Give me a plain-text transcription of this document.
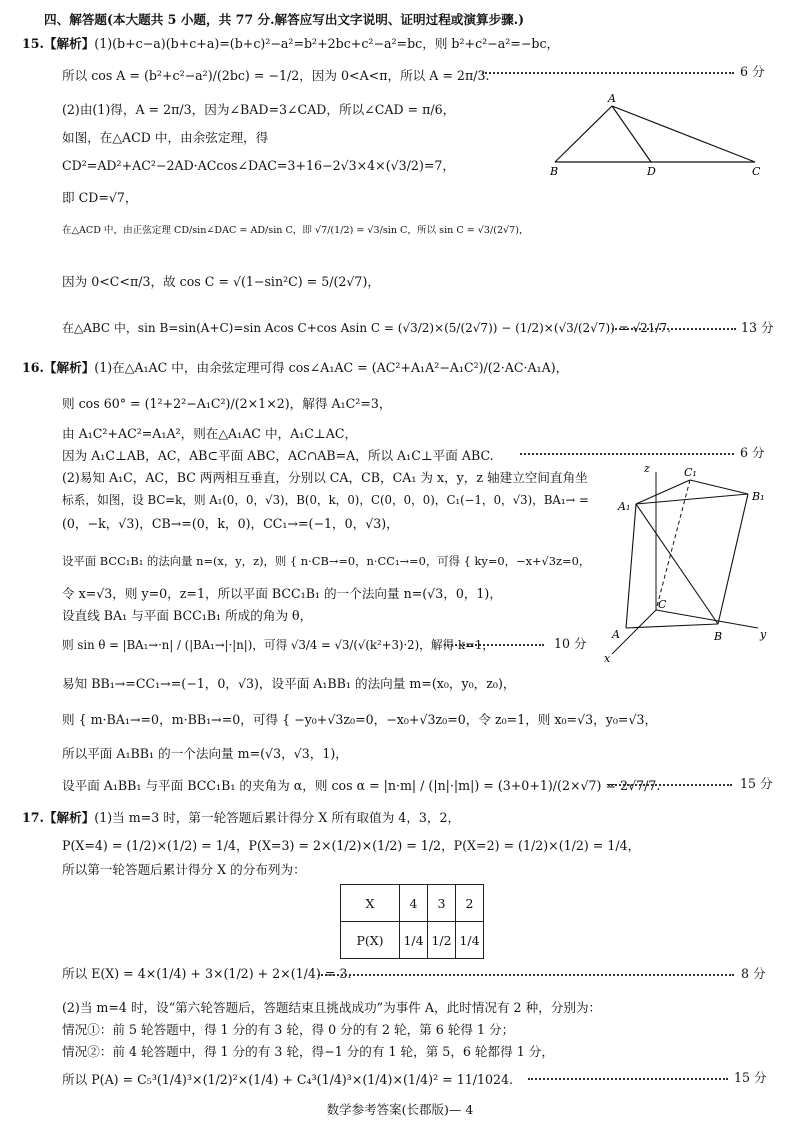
四、解答题(本大题共 5 小题，共 77 分.解答应写出文字说明、证明过程或演算步骤.)
15.【解析】(1)(b+c−a)(b+c+a)=(b+c)²−a²=b²+2bc+c²−a²=bc，则 b²+c²−a²=−bc，
所以 cos A = (b²+c²−a²)/(2bc) = −1/2，因为 0<A<π，所以 A = 2π/3.	6 分
(2)由(1)得，A = 2π/3，因为∠BAD=3∠CAD，所以∠CAD = π/6，
如图，在△ACD 中，由余弦定理，得
CD²=AD²+AC²−2AD·ACcos∠DAC=3+16−2√3×4×(√3/2)=7，
即 CD=√7，
在△ACD 中，由正弦定理 CD/sin∠DAC = AD/sin C，即 √7/(1/2) = √3/sin C，所以 sin C = √3/(2√7)，
因为 0<C<π/3，故 cos C = √(1−sin²C) = 5/(2√7)，
在△ABC 中，sin B=sin(A+C)=sin Acos C+cos Asin C = (√3/2)×(5/(2√7)) − (1/2)×(√3/(2√7)) = √21/7.	13 分
A
B	D	C
16.【解析】(1)在△A₁AC 中，由余弦定理可得 cos∠A₁AC = (AC²+A₁A²−A₁C²)/(2·AC·A₁A)，
则 cos 60° = (1²+2²−A₁C²)/(2×1×2)，解得 A₁C²=3，
由 A₁C²+AC²=A₁A²，则在△A₁AC 中，A₁C⊥AC，
因为 A₁C⊥AB，AC，AB⊂平面 ABC，AC∩AB=A，所以 A₁C⊥平面 ABC.	6 分
(2)易知 A₁C，AC，BC 两两相互垂直，分别以 CA，CB，CA₁ 为 x，y，z 轴建立空间直角坐
标系，如图，设 BC=k，则 A₁(0，0，√3)，B(0，k，0)，C(0，0，0)，C₁(−1，0，√3)，BA₁→ =
(0，−k，√3)，CB→=(0，k，0)，CC₁→=(−1，0，√3)，
设平面 BCC₁B₁ 的法向量 n=(x，y，z)，则 { n·CB→=0，n·CC₁→=0，可得 { ky=0，−x+√3z=0，
令 x=√3，则 y=0，z=1，所以平面 BCC₁B₁ 的一个法向量 n=(√3，0，1)，
设直线 BA₁ 与平面 BCC₁B₁ 所成的角为 θ，
则 sin θ = |BA₁→·n| / (|BA₁→|·|n|)，可得 √3/4 = √3/(√(k²+3)·2)，解得 k=1，	10 分
易知 BB₁→=CC₁→=(−1，0，√3)，设平面 A₁BB₁ 的法向量 m=(x₀，y₀，z₀)，
则 { m·BA₁→=0，m·BB₁→=0，可得 { −y₀+√3z₀=0，−x₀+√3z₀=0，令 z₀=1，则 x₀=√3，y₀=√3，
所以平面 A₁BB₁ 的一个法向量 m=(√3，√3，1)，
设平面 A₁BB₁ 与平面 BCC₁B₁ 的夹角为 α，则 cos α = |n·m| / (|n|·|m|) = (3+0+1)/(2×√7) = 2√7/7.	15 分
z	C₁
A₁
B₁
C
A	B	y
x
17.【解析】(1)当 m=3 时，第一轮答题后累计得分 X 所有取值为 4，3，2，
P(X=4) = (1/2)×(1/2) = 1/4，P(X=3) = 2×(1/2)×(1/2) = 1/2，P(X=2) = (1/2)×(1/2) = 1/4，
所以第一轮答题后累计得分 X 的分布列为：
X	4	3	2
P(X)	1/4	1/2	1/4
所以 E(X) = 4×(1/4) + 3×(1/2) + 2×(1/4) = 3.	8 分
(2)当 m=4 时，设“第六轮答题后，答题结束且挑战成功”为事件 A，此时情况有 2 种，分别为：
情况①：前 5 轮答题中，得 1 分的有 3 轮，得 0 分的有 2 轮，第 6 轮得 1 分；
情况②：前 4 轮答题中，得 1 分的有 3 轮，得−1 分的有 1 轮，第 5，6 轮都得 1 分，
所以 P(A) = C₅³(1/4)³×(1/2)²×(1/4) + C₄³(1/4)³×(1/4)×(1/4)² = 11/1024.	15 分
数学参考答案(长郡版)— 4
